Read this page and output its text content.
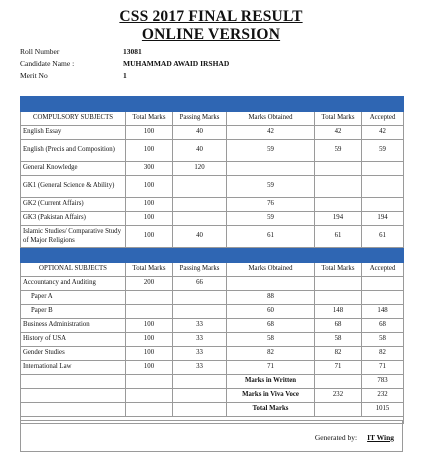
CSS 2017 FINAL RESULT
ONLINE VERSION
Roll Number	13081
Candidate Name :	MUHAMMAD AWAID IRSHAD
Merit No	1

COMPULSORY SUBJECTS	Total Marks	Passing Marks	Marks Obtained	Total Marks	Accepted
English Essay	100	40	42	42	42
English (Precis and Composition)	100	40	59	59	59
General Knowledge	300	120			
GK1 (General Science & Ability)	100		59		
GK2 (Current Affairs)	100		76		
GK3 (Pakistan Affairs)	100		59	194	194
Islamic Studies/ Comparative Study of Major Religions	100	40	61	61	61

OPTIONAL SUBJECTS	Total Marks	Passing Marks	Marks Obtained	Total Marks	Accepted
Accountancy and Auditing	200	66			
Paper A			88		
Paper B			60	148	148
Business Administration	100	33	68	68	68
History of USA	100	33	58	58	58
Gender Studies	100	33	82	82	82
International Law	100	33	71	71	71
			Marks in Written		783
			Marks in Viva Voce	232	232
			Total Marks		1015

Generated by: IT Wing
